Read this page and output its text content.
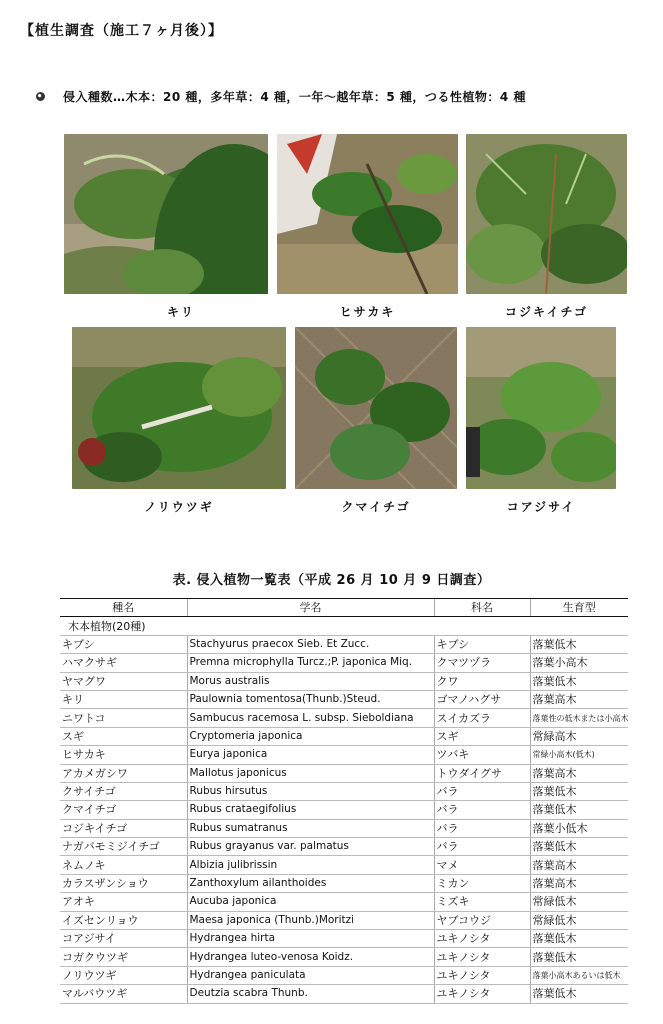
【植生調査（施工７ヶ月後）】
侵入種数…木本：20 種，多年草：4 種，一年～越年草：5 種，つる性植物：4 種
キリ	ヒサカキ	コジキイチゴ
ノリウツギ	クマイチゴ	コアジサイ
表. 侵入植物一覧表（平成 26 月 10 月 9 日調査）
種名	学名	科名	生育型
木本植物(20種)			
キブシ	Stachyurus praecox Sieb. Et Zucc.	キブシ	落葉低木
ハマクサギ	Premna microphylla Turcz.;P. japonica Miq.	クマツヅラ	落葉小高木
ヤマグワ	Morus australis	クワ	落葉低木
キリ	Paulownia tomentosa(Thunb.)Steud.	ゴマノハグサ	落葉高木
ニワトコ	Sambucus racemosa L. subsp. Sieboldiana	スイカズラ	落葉性の低木または小高木
スギ	Cryptomeria japonica	スギ	常緑高木
ヒサカキ	Eurya japonica	ツバキ	常緑小高木(低木)
アカメガシワ	Mallotus japonicus	トウダイグサ	落葉高木
クサイチゴ	Rubus hirsutus	バラ	落葉低木
クマイチゴ	Rubus crataegifolius	バラ	落葉低木
コジキイチゴ	Rubus sumatranus	バラ	落葉小低木
ナガバモミジイチゴ	Rubus grayanus var. palmatus	バラ	落葉低木
ネムノキ	Albizia julibrissin	マメ	落葉高木
カラスザンショウ	Zanthoxylum ailanthoides	ミカン	落葉高木
アオキ	Aucuba japonica	ミズキ	常緑低木
イズセンリョウ	Maesa japonica (Thunb.)Moritzi	ヤブコウジ	常緑低木
コアジサイ	Hydrangea hirta	ユキノシタ	落葉低木
コガクウツギ	Hydrangea luteo-venosa Koidz.	ユキノシタ	落葉低木
ノリウツギ	Hydrangea paniculata	ユキノシタ	落葉小高木あるいは低木
マルバウツギ	Deutzia scabra Thunb.	ユキノシタ	落葉低木
